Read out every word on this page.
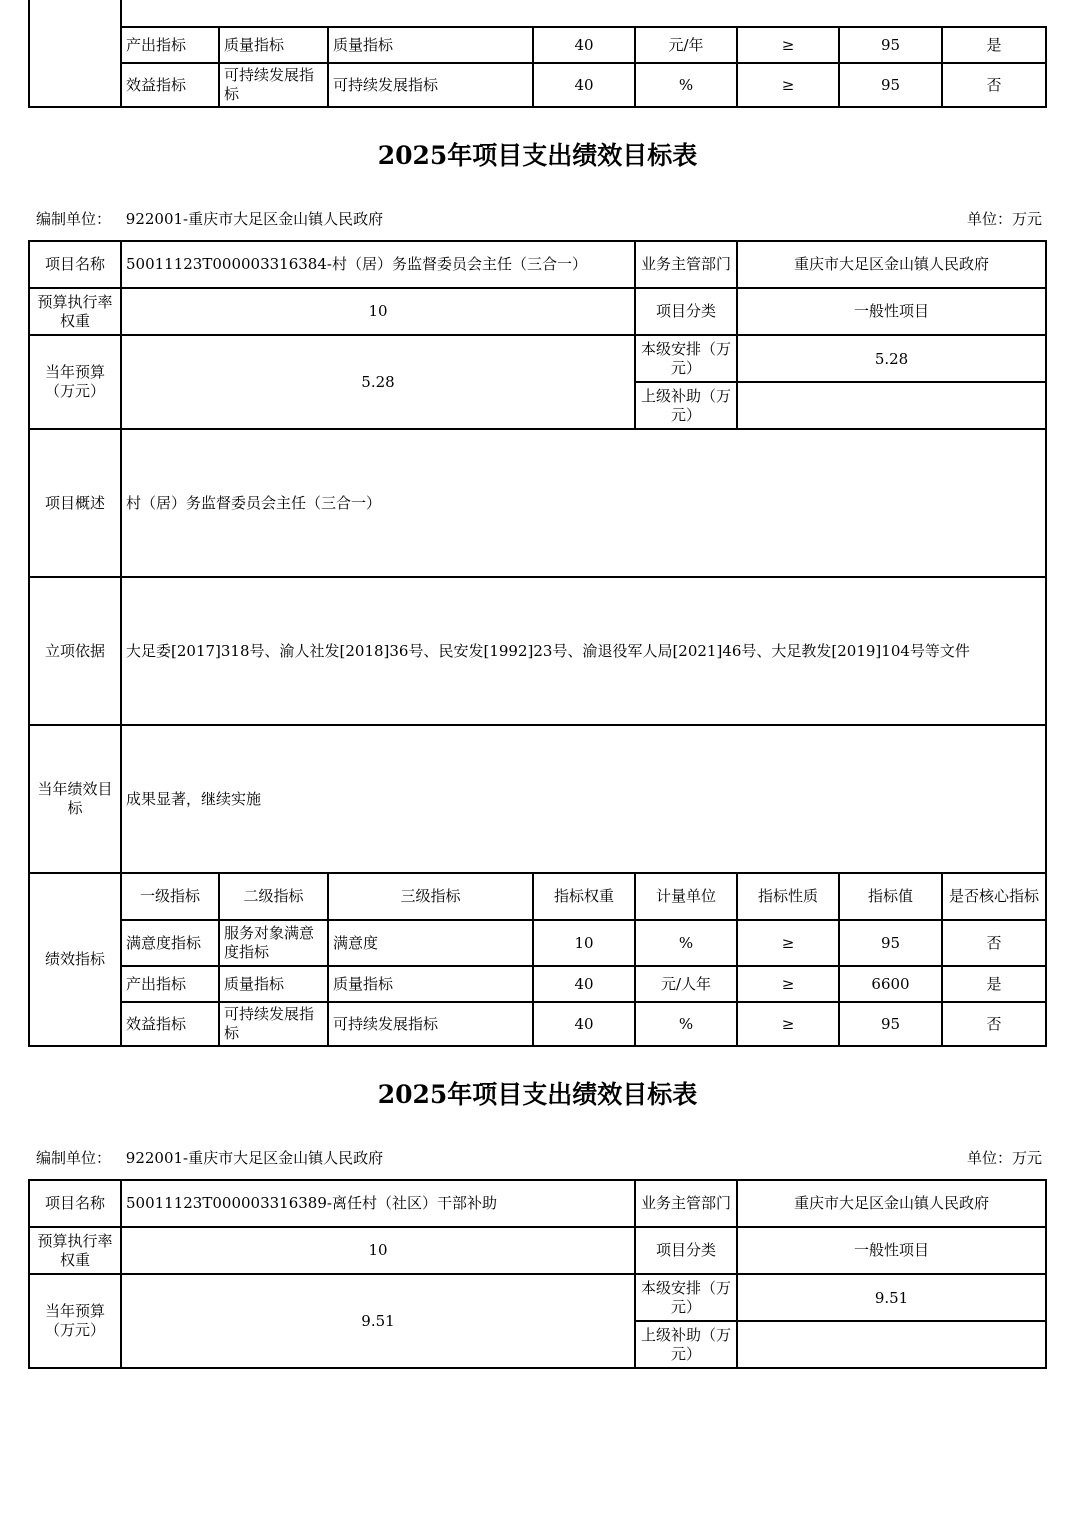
	产出指标	质量指标	质量指标	40	元/年	≥	95	是
	效益指标	可持续发展指标	可持续发展指标	40	%	≥	95	否
2025年项目支出绩效目标表
编制单位： 922001-重庆市大足区金山镇人民政府	单位：万元
项目名称	50011123T000003316384-村（居）务监督委员会主任（三合一）				业务主管部门	重庆市大足区金山镇人民政府		
预算执行率权重	10				项目分类	一般性项目		
当年预算（万元）	5.28				本级安排（万元）	5.28		
					上级补助（万元）			
项目概述	村（居）务监督委员会主任（三合一）							
立项依据	大足委[2017]318号、渝人社发[2018]36号、民安发[1992]23号、渝退役军人局[2021]46号、大足教发[2019]104号等文件							
当年绩效目标	成果显著，继续实施							
绩效指标	一级指标	二级指标	三级指标	指标权重	计量单位	指标性质	指标值	是否核心指标
	满意度指标	服务对象满意度指标	满意度	10	%	≥	95	否
	产出指标	质量指标	质量指标	40	元/人年	≥	6600	是
	效益指标	可持续发展指标	可持续发展指标	40	%	≥	95	否
2025年项目支出绩效目标表
编制单位： 922001-重庆市大足区金山镇人民政府	单位：万元
项目名称	50011123T000003316389-离任村（社区）干部补助	业务主管部门	重庆市大足区金山镇人民政府
预算执行率权重	10	项目分类	一般性项目
当年预算（万元）	9.51	本级安排（万元）	9.51
		上级补助（万元）	
